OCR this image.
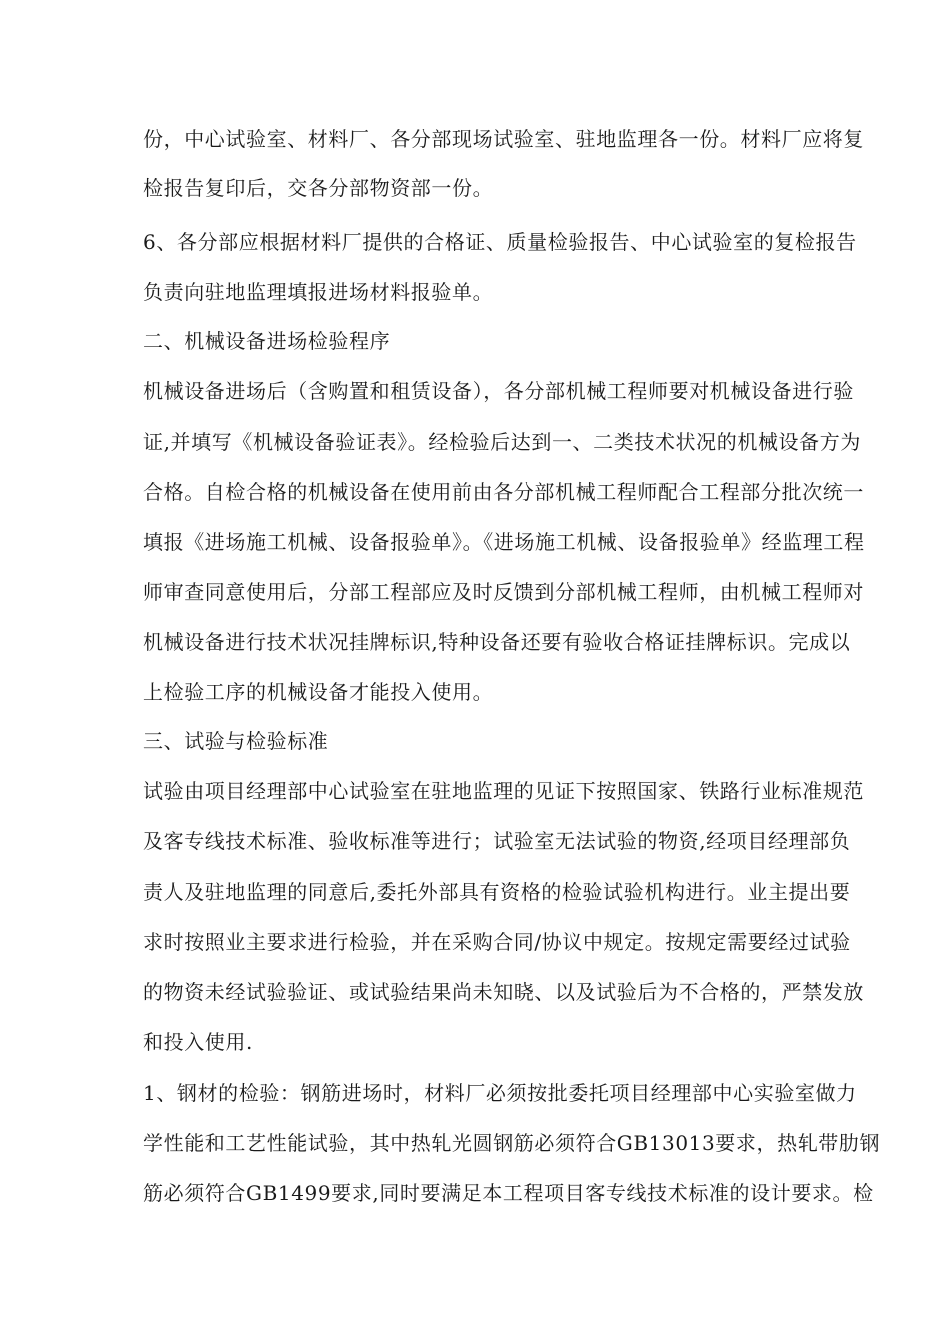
份，中心试验室、材料厂、各分部现场试验室、驻地监理各一份。材料厂应将复
检报告复印后，交各分部物资部一份。
6、各分部应根据材料厂提供的合格证、质量检验报告、中心试验室的复检报告
负责向驻地监理填报进场材料报验单。
二、机械设备进场检验程序
机械设备进场后（含购置和租赁设备），各分部机械工程师要对机械设备进行验
证,并填写《机械设备验证表》。经检验后达到一、二类技术状况的机械设备方为
合格。自检合格的机械设备在使用前由各分部机械工程师配合工程部分批次统一
填报《进场施工机械、设备报验单》。《进场施工机械、设备报验单》经监理工程
师审查同意使用后，分部工程部应及时反馈到分部机械工程师，由机械工程师对
机械设备进行技术状况挂牌标识,特种设备还要有验收合格证挂牌标识。完成以
上检验工序的机械设备才能投入使用。
三、试验与检验标准
试验由项目经理部中心试验室在驻地监理的见证下按照国家、铁路行业标准规范
及客专线技术标准、验收标准等进行；试验室无法试验的物资,经项目经理部负
责人及驻地监理的同意后,委托外部具有资格的检验试验机构进行。业主提出要
求时按照业主要求进行检验，并在采购合同/协议中规定。按规定需要经过试验
的物资未经试验验证、或试验结果尚未知晓、以及试验后为不合格的，严禁发放
和投入使用.
1、钢材的检验：钢筋进场时，材料厂必须按批委托项目经理部中心实验室做力
学性能和工艺性能试验，其中热轧光圆钢筋必须符合GB13013要求，热轧带肋钢
筋必须符合GB1499要求,同时要满足本工程项目客专线技术标准的设计要求。检
